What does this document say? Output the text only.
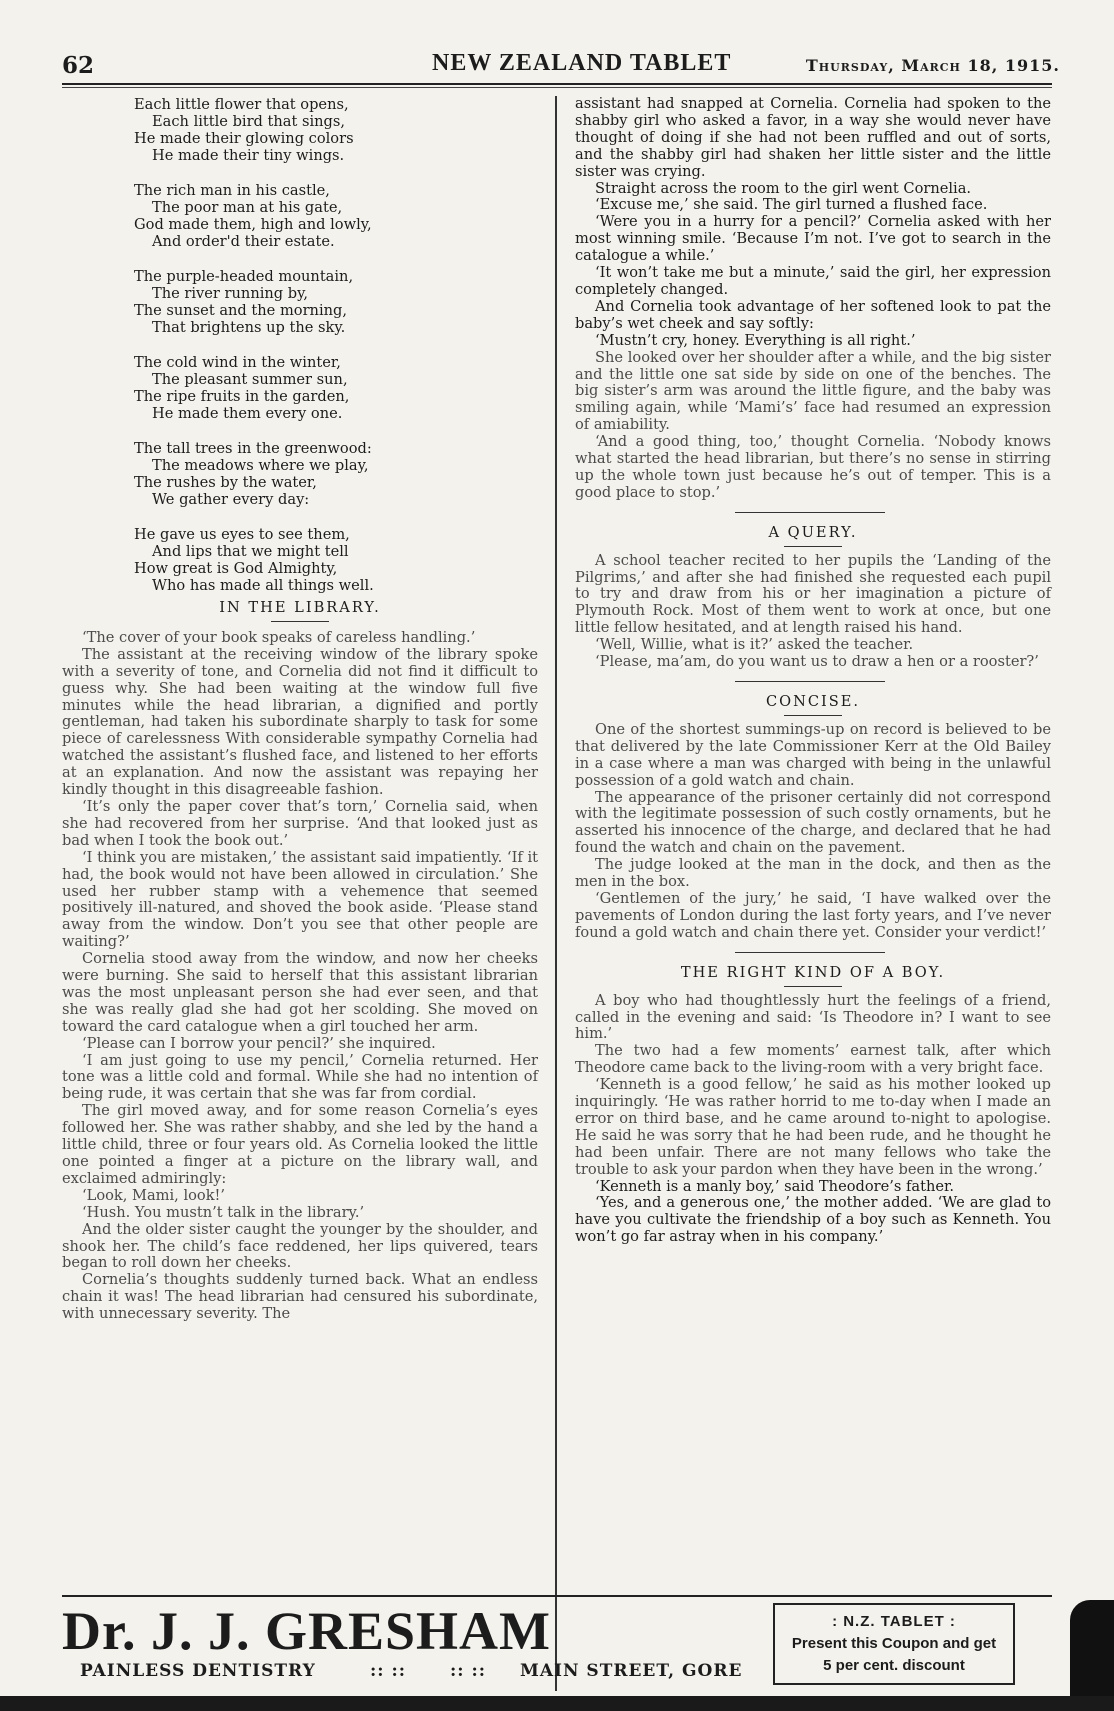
62	NEW ZEALAND TABLET	Thursday, March 18, 1915.
Each little flower that opens,
Each little bird that sings,
He made their glowing colors
He made their tiny wings.
The rich man in his castle,
The poor man at his gate,
God made them, high and lowly,
And order'd their estate.
The purple-headed mountain,
The river running by,
The sunset and the morning,
That brightens up the sky.
The cold wind in the winter,
The pleasant summer sun,
The ripe fruits in the garden,
He made them every one.
The tall trees in the greenwood:
The meadows where we play,
The rushes by the water,
We gather every day:
He gave us eyes to see them,
And lips that we might tell
How great is God Almighty,
Who has made all things well.
IN THE LIBRARY.

‘The cover of your book speaks of careless handling.’

The assistant at the receiving window of the library spoke with a severity of tone, and Cornelia did not find it difficult to guess why. She had been waiting at the window full five minutes while the head librarian, a dignified and portly gentleman, had taken his subordinate sharply to task for some piece of carelessness With considerable sympathy Cornelia had watched the assistant’s flushed face, and listened to her efforts at an explanation. And now the assistant was repaying her kindly thought in this disagreeable fashion.

‘It’s only the paper cover that’s torn,’ Cornelia said, when she had recovered from her surprise. ‘And that looked just as bad when I took the book out.’

‘I think you are mistaken,’ the assistant said impatiently. ‘If it had, the book would not have been allowed in circulation.’ She used her rubber stamp with a vehemence that seemed positively ill-natured, and shoved the book aside. ‘Please stand away from the window. Don’t you see that other people are waiting?’

Cornelia stood away from the window, and now her cheeks were burning. She said to herself that this assistant librarian was the most unpleasant person she had ever seen, and that she was really glad she had got her scolding. She moved on toward the card catalogue when a girl touched her arm.

‘Please can I borrow your pencil?’ she inquired.

‘I am just going to use my pencil,’ Cornelia returned. Her tone was a little cold and formal. While she had no intention of being rude, it was certain that she was far from cordial.

The girl moved away, and for some reason Cornelia’s eyes followed her. She was rather shabby, and she led by the hand a little child, three or four years old. As Cornelia looked the little one pointed a finger at a picture on the library wall, and exclaimed admiringly:

‘Look, Mami, look!’

‘Hush. You mustn’t talk in the library.’

And the older sister caught the younger by the shoulder, and shook her. The child’s face reddened, her lips quivered, tears began to roll down her cheeks.

Cornelia’s thoughts suddenly turned back. What an endless chain it was! The head librarian had censured his subordinate, with unnecessary severity. The

assistant had snapped at Cornelia. Cornelia had spoken to the shabby girl who asked a favor, in a way she would never have thought of doing if she had not been ruffled and out of sorts, and the shabby girl had shaken her little sister and the little sister was crying.

Straight across the room to the girl went Cornelia.

‘Excuse me,’ she said. The girl turned a flushed face.

‘Were you in a hurry for a pencil?’ Cornelia asked with her most winning smile. ‘Because I’m not. I’ve got to search in the catalogue a while.’

‘It won’t take me but a minute,’ said the girl, her expression completely changed.

And Cornelia took advantage of her softened look to pat the baby’s wet cheek and say softly:

‘Mustn’t cry, honey. Everything is all right.’

She looked over her shoulder after a while, and the big sister and the little one sat side by side on one of the benches. The big sister’s arm was around the little figure, and the baby was smiling again, while ‘Mami’s’ face had resumed an expression of amiability.

‘And a good thing, too,’ thought Cornelia. ‘Nobody knows what started the head librarian, but there’s no sense in stirring up the whole town just because he’s out of temper. This is a good place to stop.’

A QUERY.

A school teacher recited to her pupils the ‘Landing of the Pilgrims,’ and after she had finished she requested each pupil to try and draw from his or her imagination a picture of Plymouth Rock. Most of them went to work at once, but one little fellow hesitated, and at length raised his hand.

‘Well, Willie, what is it?’ asked the teacher.

‘Please, ma’am, do you want us to draw a hen or a rooster?’

CONCISE.

One of the shortest summings-up on record is believed to be that delivered by the late Commissioner Kerr at the Old Bailey in a case where a man was charged with being in the unlawful possession of a gold watch and chain.

The appearance of the prisoner certainly did not correspond with the legitimate possession of such costly ornaments, but he asserted his innocence of the charge, and declared that he had found the watch and chain on the pavement.

The judge looked at the man in the dock, and then as the men in the box.

‘Gentlemen of the jury,’ he said, ‘I have walked over the pavements of London during the last forty years, and I’ve never found a gold watch and chain there yet. Consider your verdict!’

THE RIGHT KIND OF A BOY.

A boy who had thoughtlessly hurt the feelings of a friend, called in the evening and said: ‘Is Theodore in? I want to see him.’

The two had a few moments’ earnest talk, after which Theodore came back to the living-room with a very bright face.

‘Kenneth is a good fellow,’ he said as his mother looked up inquiringly. ‘He was rather horrid to me to-day when I made an error on third base, and he came around to-night to apologise. He said he was sorry that he had been rude, and he thought he had been unfair. There are not many fellows who take the trouble to ask your pardon when they have been in the wrong.’

‘Kenneth is a manly boy,’ said Theodore’s father.

‘Yes, and a generous one,’ the mother added. ‘We are glad to have you cultivate the friendship of a boy such as Kenneth. You won’t go far astray when in his company.’

Dr. J. J. GRESHAM
PAINLESS DENTISTRY	:: ::	:: :: MAIN STREET, GORE
: N.Z. TABLET :
Present this Coupon and get
5 per cent. discount
